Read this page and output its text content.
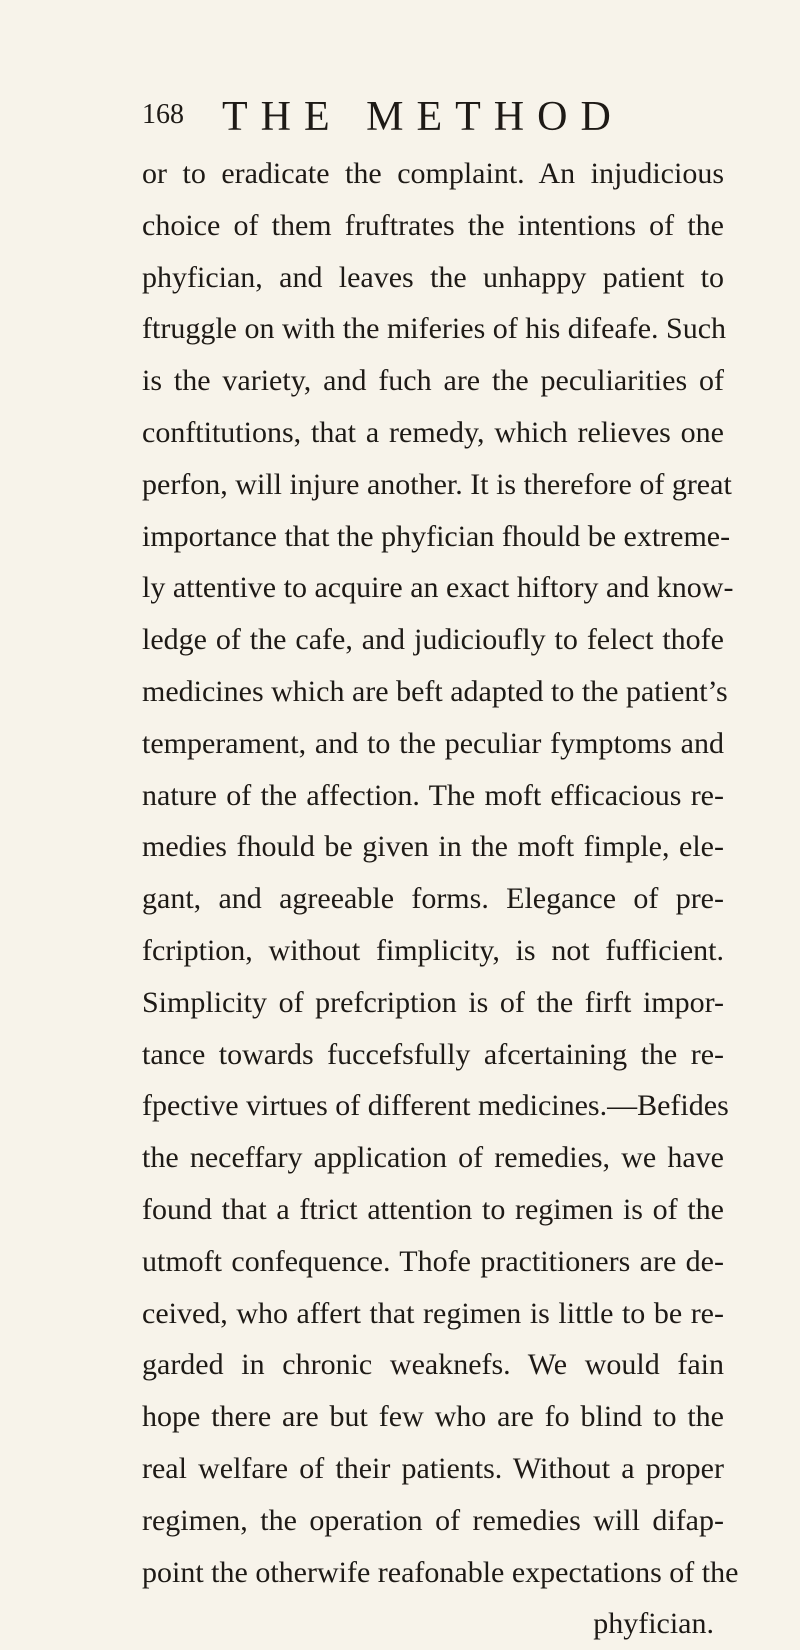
168 THE METHOD
or to eradicate the complaint. An injudicious
choice of them fruftrates the intentions of the
phyfician, and leaves the unhappy patient to
ftruggle on with the miferies of his difeafe. Such
is the variety, and fuch are the peculiarities of
conftitutions, that a remedy, which relieves one
perfon, will injure another. It is therefore of great
importance that the phyfician fhould be extreme-
ly attentive to acquire an exact hiftory and know-
ledge of the cafe, and judicioufly to felect thofe
medicines which are beft adapted to the patient’s
temperament, and to the peculiar fymptoms and
nature of the affection. The moft efficacious re-
medies fhould be given in the moft fimple, ele-
gant, and agreeable forms. Elegance of pre-
fcription, without fimplicity, is not fufficient.
Simplicity of prefcription is of the firft impor-
tance towards fuccefsfully afcertaining the re-
fpective virtues of different medicines.—Befides
the neceffary application of remedies, we have
found that a ftrict attention to regimen is of the
utmoft confequence. Thofe practitioners are de-
ceived, who affert that regimen is little to be re-
garded in chronic weaknefs. We would fain
hope there are but few who are fo blind to the
real welfare of their patients. Without a proper
regimen, the operation of remedies will difap-
point the otherwife reafonable expectations of the
phyfician.
